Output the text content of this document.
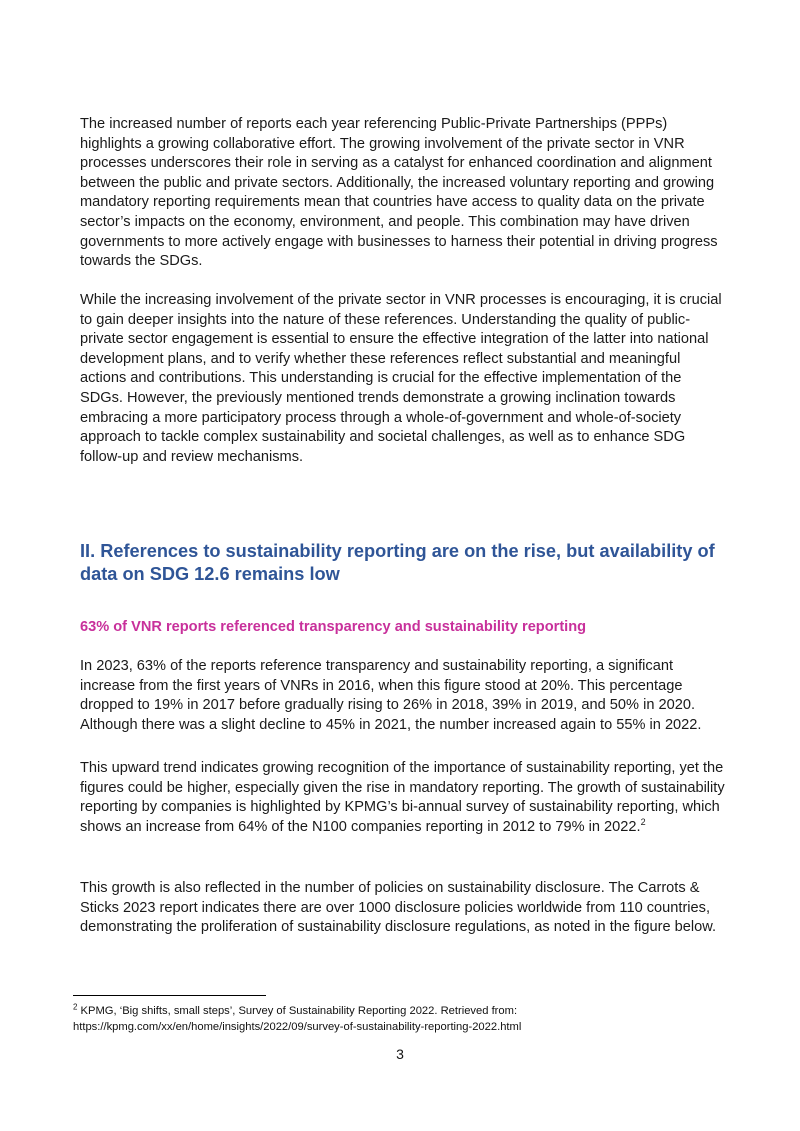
The increased number of reports each year referencing Public-Private Partnerships (PPPs) highlights a growing collaborative effort. The growing involvement of the private sector in VNR processes underscores their role in serving as a catalyst for enhanced coordination and alignment between the public and private sectors. Additionally, the increased voluntary reporting and growing mandatory reporting requirements mean that countries have access to quality data on the private sector’s impacts on the economy, environment, and people. This combination may have driven governments to more actively engage with businesses to harness their potential in driving progress towards the SDGs.

While the increasing involvement of the private sector in VNR processes is encouraging, it is crucial to gain deeper insights into the nature of these references. Understanding the quality of public-private sector engagement is essential to ensure the effective integration of the latter into national development plans, and to verify whether these references reflect substantial and meaningful actions and contributions. This understanding is crucial for the effective implementation of the SDGs. However, the previously mentioned trends demonstrate a growing inclination towards embracing a more participatory process through a whole-of-government and whole-of-society approach to tackle complex sustainability and societal challenges, as well as to enhance SDG follow-up and review mechanisms.

II. References to sustainability reporting are on the rise, but availability of data on SDG 12.6 remains low
63% of VNR reports referenced transparency and sustainability reporting

In 2023, 63% of the reports reference transparency and sustainability reporting, a significant increase from the first years of VNRs in 2016, when this figure stood at 20%. This percentage dropped to 19% in 2017 before gradually rising to 26% in 2018, 39% in 2019, and 50% in 2020. Although there was a slight decline to 45% in 2021, the number increased again to 55% in 2022.

This upward trend indicates growing recognition of the importance of sustainability reporting, yet the figures could be higher, especially given the rise in mandatory reporting. The growth of sustainability reporting by companies is highlighted by KPMG’s bi-annual survey of sustainability reporting, which shows an increase from 64% of the N100 companies reporting in 2012 to 79% in 2022.$^2$

This growth is also reflected in the number of policies on sustainability disclosure. The Carrots & Sticks 2023 report indicates there are over 1000 disclosure policies worldwide from 110 countries, demonstrating the proliferation of sustainability disclosure regulations, as noted in the figure below.

$^2$ KPMG, ‘Big shifts, small steps’, Survey of Sustainability Reporting 2022. Retrieved from:
https://kpmg.com/xx/en/home/insights/2022/09/survey-of-sustainability-reporting-2022.html
3
